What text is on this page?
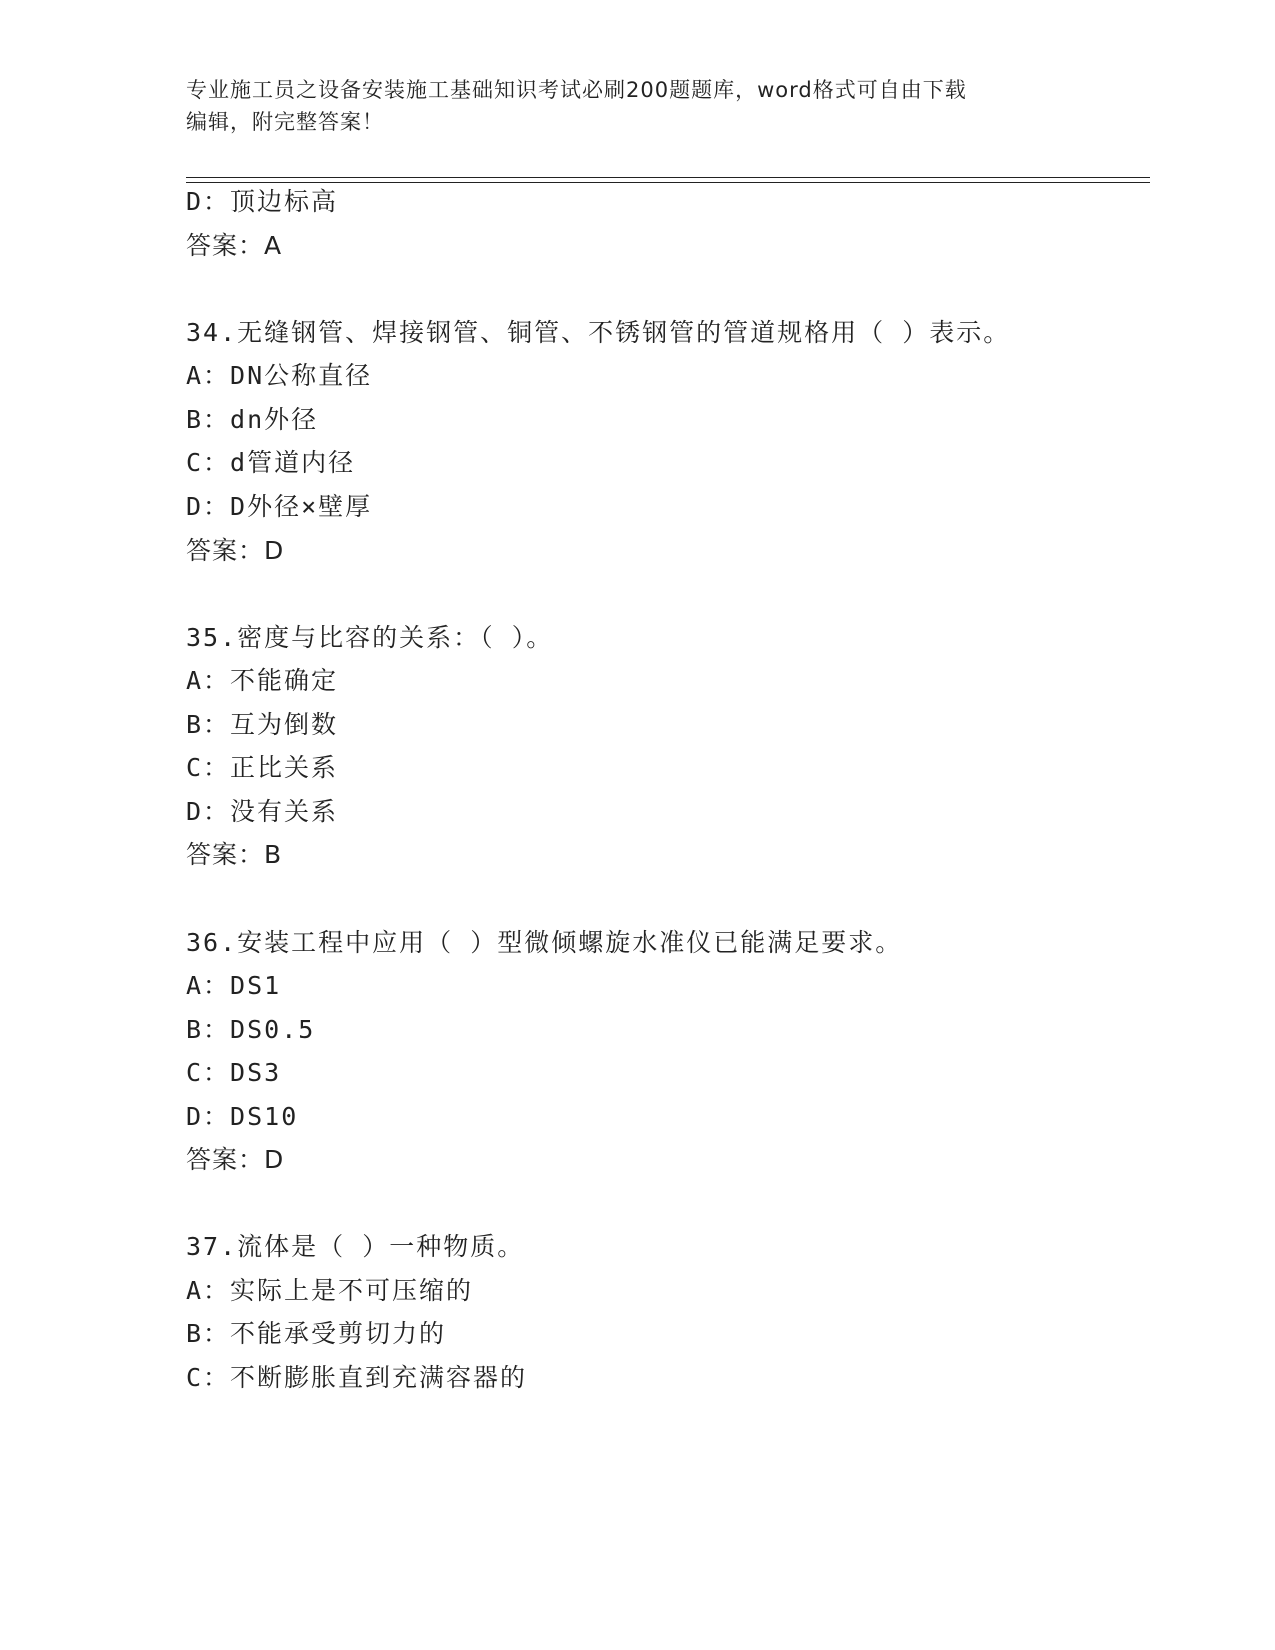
专业施工员之设备安装施工基础知识考试必刷200题题库，word格式可自由下载
编辑，附完整答案！
D：顶边标高
答案：A
34.无缝钢管、焊接钢管、铜管、不锈钢管的管道规格用（ ）表示。
A：DN公称直径
B：dn外径
C：d管道内径
D：D外径×壁厚
答案：D
35.密度与比容的关系：（ ）。
A：不能确定
B：互为倒数
C：正比关系
D：没有关系
答案：B
36.安装工程中应用（ ）型微倾螺旋水准仪已能满足要求。
A：DS1
B：DS0.5
C：DS3
D：DS10
答案：D
37.流体是（ ）一种物质。
A：实际上是不可压缩的
B：不能承受剪切力的
C：不断膨胀直到充满容器的
